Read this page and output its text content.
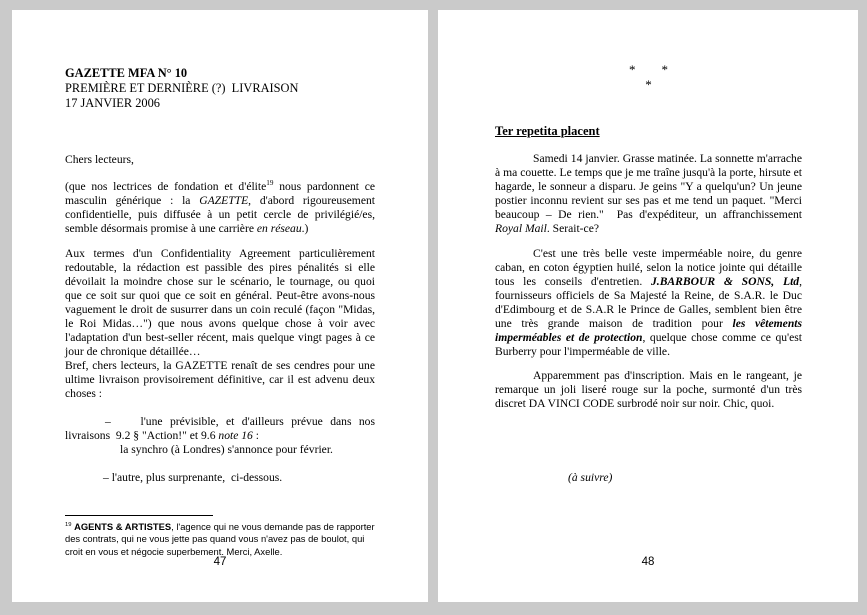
GAZETTE MFA N° 10
PREMIÈRE ET DERNIÈRE (?)  LIVRAISON
17 JANVIER 2006

Chers lecteurs,

(que nos lectrices de fondation et d'élite$^{19}$ nous pardonnent ce masculin générique : la GAZETTE, d'abord rigoureusement confidentielle, puis diffusée à un petit cercle de privilégié/es, semble désormais promise à une carrière en réseau.)

Aux termes d'un Confidentiality Agreement particulièrement redoutable, la rédaction est passible des pires pénalités si elle dévoilait la moindre chose sur le scénario, le tournage, ou quoi que ce soit sur quoi que ce soit en général. Peut-être avons-nous vaguement le droit de susurrer dans un coin reculé (façon "Midas, le Roi Midas…") que nous avons quelque chose à voir avec l'adaptation d'un best-seller récent, mais quelque vingt pages à ce jour de chronique détaillée…

Bref, chers lecteurs, la GAZETTE renaît de ses cendres pour une ultime livraison provisoirement définitive, car il est advenu deux choses :

–    l'une prévisible, et d'ailleurs prévue dans nos livraisons  9.2 § "Action!" et 9.6 note 16 :

la synchro (à Londres) s'annonce pour février.

– l'autre, plus surprenante,  ci-dessous.

$^{19}$ AGENTS & ARTISTES, l'agence qui ne vous demande pas de rapporter des contrats, qui ne vous jette pas quand vous n'avez pas de boulot, qui croit en vous et négocie superbement. Merci, Axelle.
47
* *
*

Ter repetita placent

Samedi 14 janvier. Grasse matinée. La sonnette m'arrache à ma couette. Le temps que je me traîne jusqu'à la porte, hirsute et hagarde, le sonneur a disparu. Je geins "Y a quelqu'un? Un jeune postier inconnu revient sur ses pas et me tend un paquet. "Merci beaucoup – De rien."  Pas d'expéditeur, un affranchissement Royal Mail. Serait-ce?

C'est une très belle veste imperméable noire, du genre caban, en coton égyptien huilé, selon la notice jointe qui détaille tous les conseils d'entretien. J.BARBOUR & SONS, Ltd, fournisseurs officiels de Sa Majesté la Reine, de S.A.R. le Duc d'Edimbourg et de S.A.R le Prince de Galles, semblent bien être une très grande maison de tradition pour les vêtements imperméables et de protection, quelque chose comme ce qu'est Burberry pour l'imperméable de ville.

Apparemment pas d'inscription. Mais en le rangeant, je remarque un joli liseré rouge sur la poche, surmonté d'un très discret DA VINCI CODE surbrodé noir sur noir. Chic, quoi.

(à suivre)

48
